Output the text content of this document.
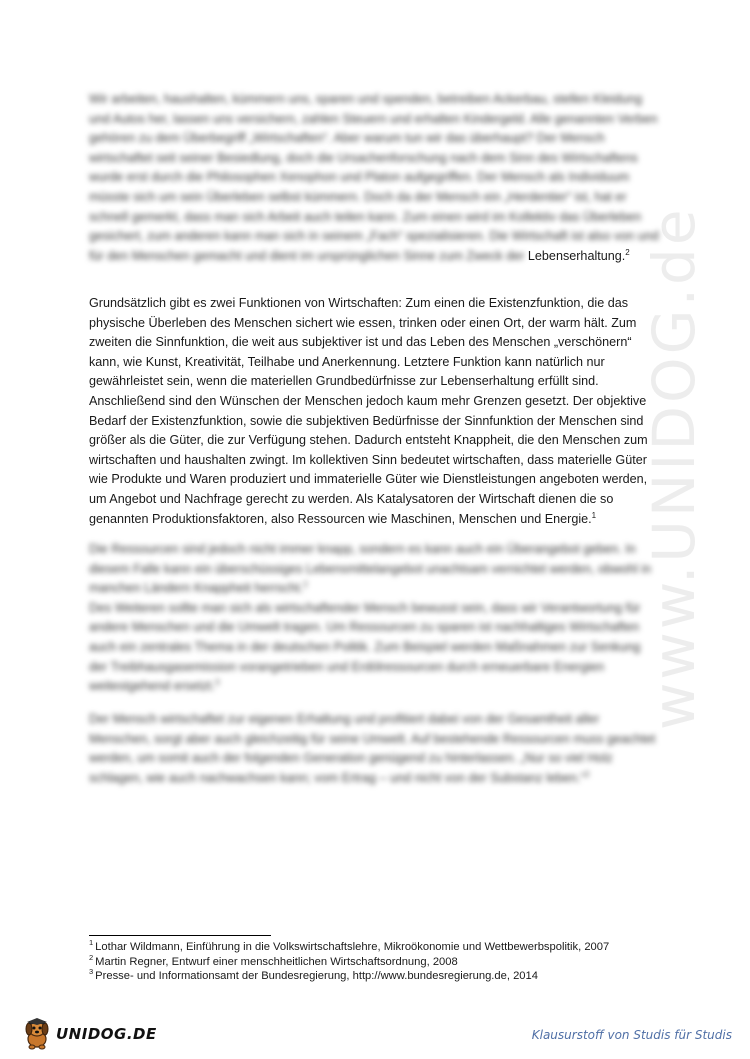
www.UNIDOG.de
Wir arbeiten, haushalten, kümmern uns, sparen und spenden, betreiben Ackerbau, stellen Kleidung und Autos her, lassen uns versichern, zahlen Steuern und erhalten Kindergeld. Alle genannten Verben gehören zu dem Überbegriff „Wirtschaften“. Aber warum tun wir das überhaupt? Der Mensch wirtschaftet seit seiner Besiedlung, doch die Ursachenforschung nach dem Sinn des Wirtschaftens wurde erst durch die Philosophen Xenophon und Platon aufgegriffen. Der Mensch als Individuum müsste sich um sein Überleben selbst kümmern. Doch da der Mensch ein „Herdentier“ ist, hat er schnell gemerkt, dass man sich Arbeit auch teilen kann. Zum einen wird im Kollektiv das Überleben gesichert, zum anderen kann man sich in seinem „Fach“ spezialisieren. Die Wirtschaft ist also von und für den Menschen gemacht und dient im ursprünglichen Sinne zum Zweck der Lebenserhaltung.$^2$
Grundsätzlich gibt es zwei Funktionen von Wirtschaften: Zum einen die Existenzfunktion, die das physische Überleben des Menschen sichert wie essen, trinken oder einen Ort, der warm hält. Zum zweiten die Sinnfunktion, die weit aus subjektiver ist und das Leben des Menschen „verschönern“ kann, wie Kunst, Kreativität, Teilhabe und Anerkennung. Letztere Funktion kann natürlich nur gewährleistet sein, wenn die materiellen Grundbedürfnisse zur Lebenserhaltung erfüllt sind. Anschließend sind den Wünschen der Menschen jedoch kaum mehr Grenzen gesetzt. Der objektive Bedarf der Existenzfunktion, sowie die subjektiven Bedürfnisse der Sinnfunktion der Menschen sind größer als die Güter, die zur Verfügung stehen. Dadurch entsteht Knappheit, die den Menschen zum wirtschaften und haushalten zwingt. Im kollektiven Sinn bedeutet wirtschaften, dass materielle Güter wie Produkte und Waren produziert und immaterielle Güter wie Dienstleistungen angeboten werden, um Angebot und Nachfrage gerecht zu werden. Als Katalysatoren der Wirtschaft dienen die so genannten Produktionsfaktoren, also Ressourcen wie Maschinen, Menschen und Energie.$^1$

Die Ressourcen sind jedoch nicht immer knapp, sondern es kann auch ein Überangebot geben. In diesem Falle kann ein überschüssiges Lebensmittelangebot unachtsam vernichtet werden, obwohl in manchen Ländern Knappheit herrscht.$^2$

Des Weiteren sollte man sich als wirtschaftender Mensch bewusst sein, dass wir Verantwortung für andere Menschen und die Umwelt tragen. Um Ressourcen zu sparen ist nachhaltiges Wirtschaften auch ein zentrales Thema in der deutschen Politik. Zum Beispiel werden Maßnahmen zur Senkung der Treibhausgasemission vorangetrieben und Erdölressourcen durch erneuerbare Energien weitestgehend ersetzt.$^3$

Der Mensch wirtschaftet zur eigenen Erhaltung und profitiert dabei von der Gesamtheit aller Menschen, sorgt aber auch gleichzeitig für seine Umwelt. Auf bestehende Ressourcen muss geachtet werden, um somit auch der folgenden Generation genügend zu hinterlassen. „Nur so viel Holz schlagen, wie auch nachwachsen kann; vom Ertrag – und nicht von der Substanz leben.“$^3$
$^1$ Lothar Wildmann, Einführung in die Volkswirtschaftslehre, Mikroökonomie und Wettbewerbspolitik, 2007
$^2$ Martin Regner, Entwurf einer menschheitlichen Wirtschaftsordnung, 2008
$^3$ Presse- und Informationsamt der Bundesregierung, http://www.bundesregierung.de, 2014
UNIDOG.DE	Klausurstoff von Studis für Studis
